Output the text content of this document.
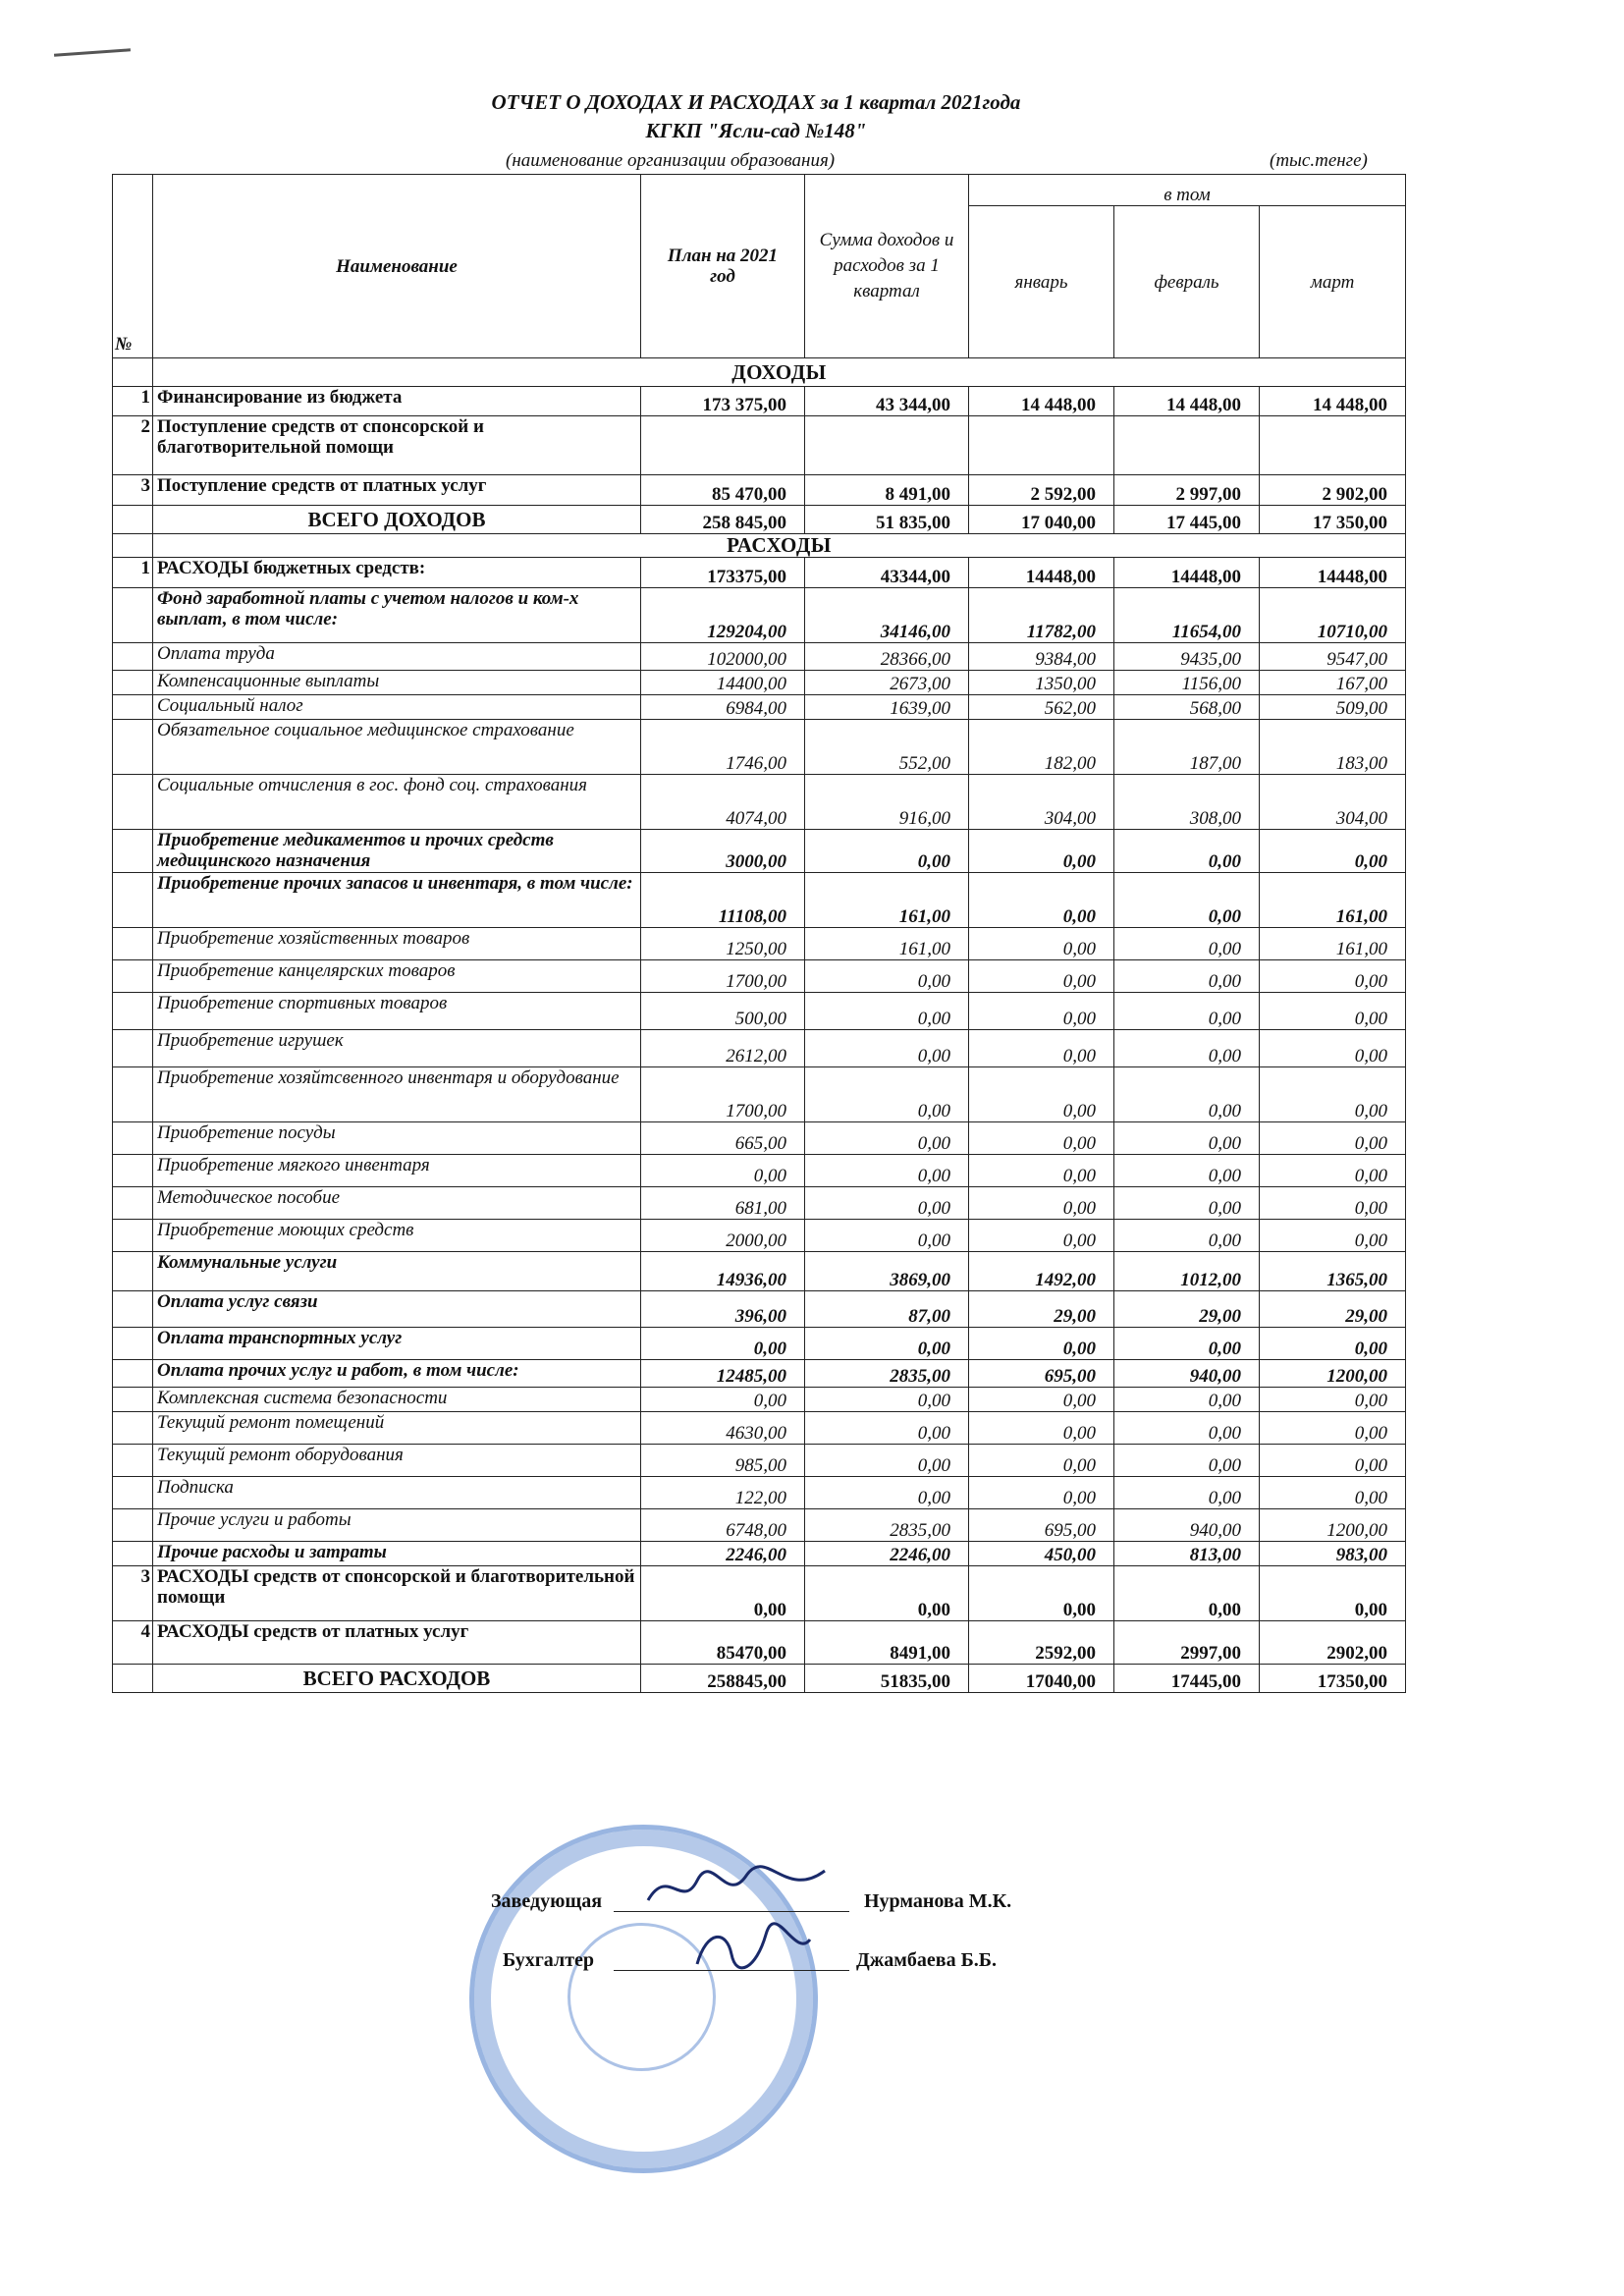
ОТЧЕТ О ДОХОДАХ И РАСХОДАХ за 1 квартал 2021года
КГКП "Ясли-сад №148"
(наименование организации образования)	(тыс.тенге)
№	Наименование	План на 2021 год	Сумма доходов и расходов за 1 квартал	в том		
				январь	февраль	март
	ДОХОДЫ					
1	Финансирование из бюджета	173 375,00	43 344,00	14 448,00	14 448,00	14 448,00
2	Поступление средств от спонсорской и благотворительной помощи					
3	Поступление средств от платных услуг	85 470,00	8 491,00	2 592,00	2 997,00	2 902,00
	ВСЕГО ДОХОДОВ	258 845,00	51 835,00	17 040,00	17 445,00	17 350,00
	РАСХОДЫ					
1	РАСХОДЫ бюджетных средств:	173375,00	43344,00	14448,00	14448,00	14448,00
	Фонд заработной платы с учетом налогов и ком-х выплат, в том числе:	129204,00	34146,00	11782,00	11654,00	10710,00
	Оплата труда	102000,00	28366,00	9384,00	9435,00	9547,00
	Компенсационные выплаты	14400,00	2673,00	1350,00	1156,00	167,00
	Социальный налог	6984,00	1639,00	562,00	568,00	509,00
	Обязательное социальное медицинское страхование	1746,00	552,00	182,00	187,00	183,00
	Социальные отчисления в гос. фонд соц. страхования	4074,00	916,00	304,00	308,00	304,00
	Приобретение медикаментов и прочих средств медицинского назначения	3000,00	0,00	0,00	0,00	0,00
	Приобретение прочих запасов и инвентаря, в том числе:	11108,00	161,00	0,00	0,00	161,00
	Приобретение хозяйственных товаров	1250,00	161,00	0,00	0,00	161,00
	Приобретение канцелярских товаров	1700,00	0,00	0,00	0,00	0,00
	Приобретение спортивных товаров	500,00	0,00	0,00	0,00	0,00
	Приобретение игрушек	2612,00	0,00	0,00	0,00	0,00
	Приобретение хозяйтсвенного инвентаря и оборудование	1700,00	0,00	0,00	0,00	0,00
	Приобретение посуды	665,00	0,00	0,00	0,00	0,00
	Приобретение мягкого инвентаря	0,00	0,00	0,00	0,00	0,00
	Методическое пособие	681,00	0,00	0,00	0,00	0,00
	Приобретение моющих средств	2000,00	0,00	0,00	0,00	0,00
	Коммунальные услуги	14936,00	3869,00	1492,00	1012,00	1365,00
	Оплата услуг связи	396,00	87,00	29,00	29,00	29,00
	Оплата транспортных услуг	0,00	0,00	0,00	0,00	0,00
	Оплата прочих услуг и работ, в том числе:	12485,00	2835,00	695,00	940,00	1200,00
	Комплексная система безопасности	0,00	0,00	0,00	0,00	0,00
	Текущий ремонт помещений	4630,00	0,00	0,00	0,00	0,00
	Текущий ремонт оборудования	985,00	0,00	0,00	0,00	0,00
	Подписка	122,00	0,00	0,00	0,00	0,00
	Прочие услуги и работы	6748,00	2835,00	695,00	940,00	1200,00
	Прочие расходы и затраты	2246,00	2246,00	450,00	813,00	983,00
3	РАСХОДЫ средств от спонсорской и благотворительной помощи	0,00	0,00	0,00	0,00	0,00
4	РАСХОДЫ средств от платных услуг	85470,00	8491,00	2592,00	2997,00	2902,00
	ВСЕГО РАСХОДОВ	258845,00	51835,00	17040,00	17445,00	17350,00
Заведующая	Нурманова М.К.
Бухгалтер	Джамбаева Б.Б.
